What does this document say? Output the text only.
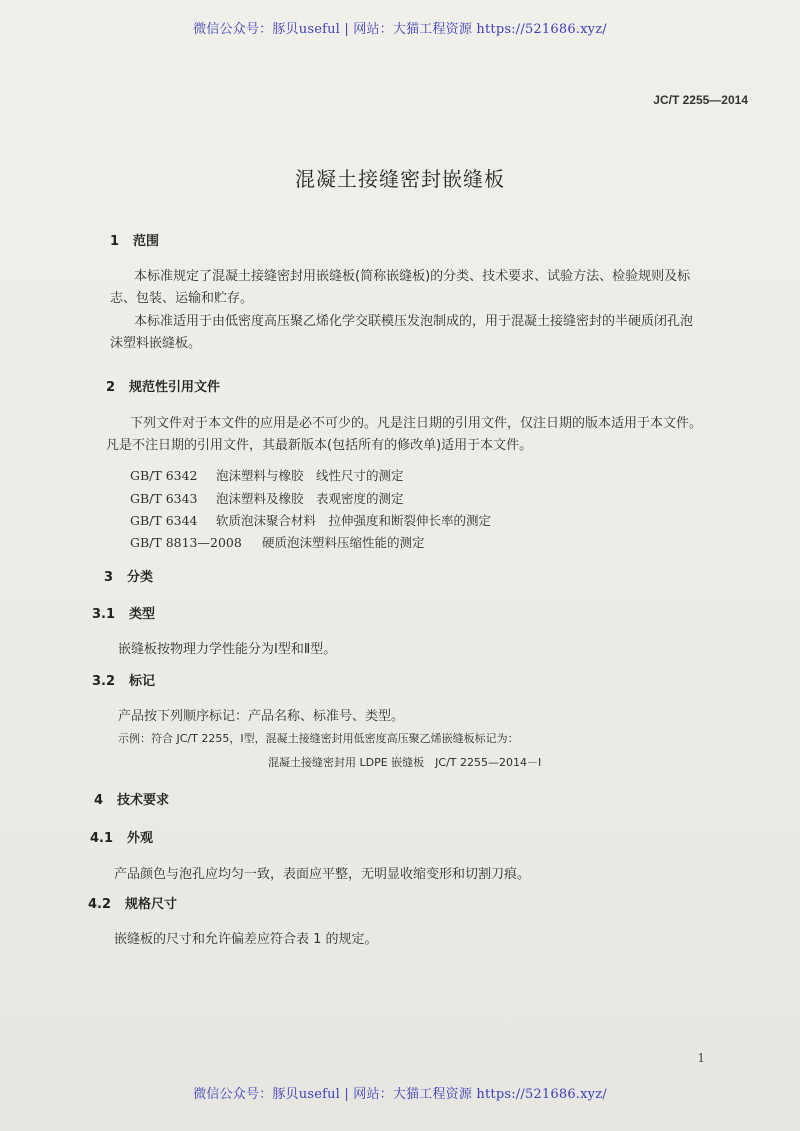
微信公众号：豚贝useful | 网站：大猫工程资源 https://521686.xyz/
JC/T 2255—2014
混凝土接缝密封嵌缝板
1 范围
本标准规定了混凝土接缝密封用嵌缝板(简称嵌缝板)的分类、技术要求、试验方法、检验规则及标
志、包装、运输和贮存。
本标准适用于由低密度高压聚乙烯化学交联模压发泡制成的，用于混凝土接缝密封的半硬质闭孔泡
沫塑料嵌缝板。
2 规范性引用文件
下列文件对于本文件的应用是必不可少的。凡是注日期的引用文件，仅注日期的版本适用于本文件。
凡是不注日期的引用文件，其最新版本(包括所有的修改单)适用于本文件。
GB/T 6342 泡沫塑料与橡胶　线性尺寸的测定
GB/T 6343 泡沫塑料及橡胶　表观密度的测定
GB/T 6344 软质泡沫聚合材料　拉伸强度和断裂伸长率的测定
GB/T 8813—2008 硬质泡沫塑料压缩性能的测定
3 分类
3.1 类型
嵌缝板按物理力学性能分为Ⅰ型和Ⅱ型。
3.2 标记
产品按下列顺序标记：产品名称、标准号、类型。
示例：符合 JC/T 2255，Ⅰ型，混凝土接缝密封用低密度高压聚乙烯嵌缝板标记为：
混凝土接缝密封用 LDPE 嵌缝板　JC/T 2255—2014－Ⅰ
4 技术要求
4.1 外观
产品颜色与泡孔应均匀一致，表面应平整，无明显收缩变形和切割刀痕。
4.2 规格尺寸
嵌缝板的尺寸和允许偏差应符合表 1 的规定。
1
微信公众号：豚贝useful | 网站：大猫工程资源 https://521686.xyz/
